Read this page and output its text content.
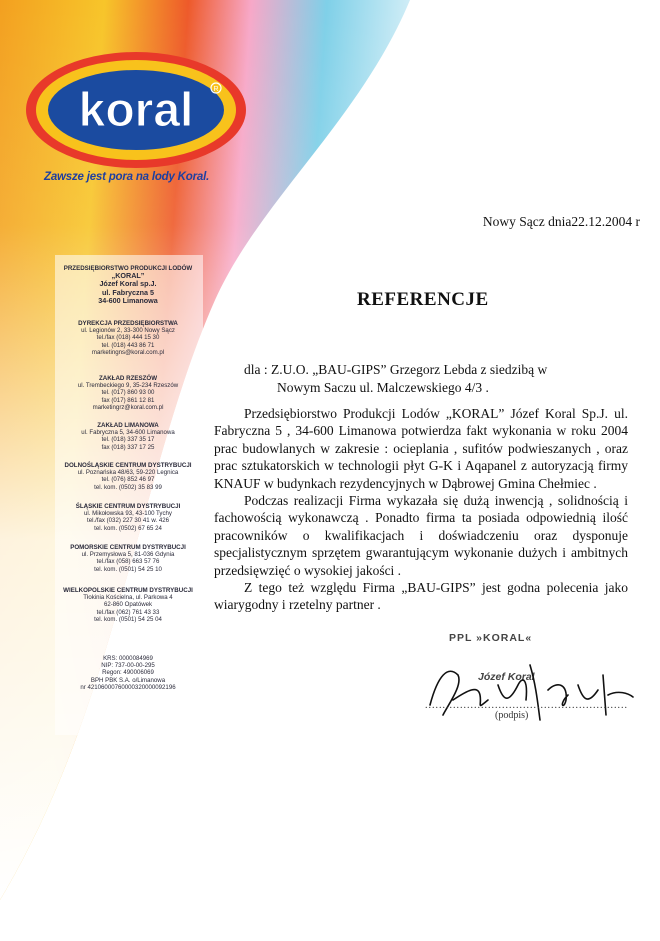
koral	R
Zawsze jest pora na lody Koral.
Nowy Sącz dnia22.12.2004 r
PRZEDSIĘBIORSTWO PRODUKCJI LODÓW
„KORAL”
Józef Koral sp.J.
ul. Fabryczna 5
34-600 Limanowa
DYREKCJA PRZEDSIĘBIORSTWA
ul. Legionów 2, 33-300 Nowy Sącz
tel./fax (018) 444 15 30
tel. (018) 443 86 71
marketingns@koral.com.pl
ZAKŁAD RZESZÓW
ul. Trembeckiego 9, 35-234 Rzeszów
tel. (017) 860 93 00
fax (017) 861 12 81
marketingrz@koral.com.pl
ZAKŁAD LIMANOWA
ul. Fabryczna 5, 34-600 Limanowa
tel. (018) 337 35 17
fax (018) 337 17 25
DOLNOŚLĄSKIE CENTRUM DYSTRYBUCJI
ul. Poznańska 48/63, 59-220 Legnica
tel. (076) 852 46 97
tel. kom. (0502) 35 83 99
ŚLĄSKIE CENTRUM DYSTRYBUCJI
ul. Mikołowska 93, 43-100 Tychy
tel./fax (032) 227 30 41 w. 426
tel. kom. (0502) 67 65 24
POMORSKIE CENTRUM DYSTRYBUCJI
ul. Przemysłowa 5, 81-036 Gdynia
tel./fax (058) 663 57 76
tel. kom. (0501) 54 25 10
WIELKOPOLSKIE CENTRUM DYSTRYBUCJI
Tłokinia Kościelna, ul. Parkowa 4
62-860 Opatówek
tel./fax (062) 761 43 33
tel. kom. (0501) 54 25 04
KRS: 0000084969
NIP: 737-00-00-295
Regon: 490006069
BPH PBK S.A. o/Limanowa
nr 42106000760000320000092196
REFERENCJE
dla : Z.U.O. „BAU-GIPS” Grzegorz Lebda z siedzibą w
Nowym Saczu ul. Malczewskiego 4/3 .

Przedsiębiorstwo Produkcji Lodów „KORAL” Józef Koral Sp.J. ul. Fabryczna 5 , 34-600 Limanowa potwierdza fakt wykonania w roku 2004 prac budowlanych w zakresie : ocieplania , sufitów podwieszanych , oraz prac sztukatorskich w technologii płyt G-K i Aqapanel z autoryzacją firmy KNAUF w budynkach rezydencyjnych w Dąbrowej Gmina Chełmiec .

Podczas realizacji Firma wykazała się dużą inwencją , solidnością i fachowością wykonawczą . Ponadto firma ta posiada odpowiednią ilość pracowników o kwalifikacjach i doświadczeniu oraz dysponuje specjalistycznym sprzętem gwarantującym wykonanie dużych i ambitnych przedsięwzięć o wysokiej jakości .

Z tego też względu Firma „BAU-GIPS” jest godna polecenia jako wiarygodny i rzetelny partner .

PPL »KORAL«
Józef Koral
..........................................................
(podpis)
